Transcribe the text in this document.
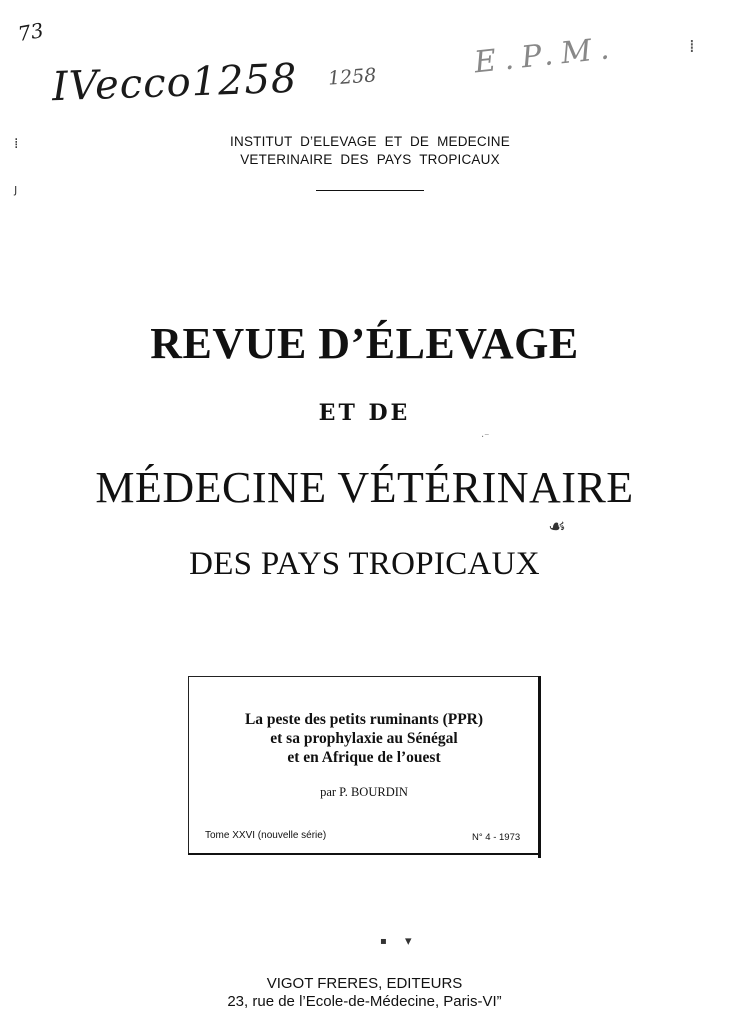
73
IVecco1258 1258	E.P.M.
⁞
ȷ
⁞
·⁻
☙
▪ ▾
INSTITUT D’ELEVAGE ET DE MEDECINE
VETERINAIRE DES PAYS TROPICAUX
REVUE D’ÉLEVAGE
ET DE
MÉDECINE VÉTÉRINAIRE
DES PAYS TROPICAUX
La peste des petits ruminants (PPR)
et sa prophylaxie au Sénégal
et en Afrique de l’ouest
par P. BOURDIN
Tome XXVI (nouvelle série)	N° 4 - 1973
VIGOT FRERES, EDITEURS
23, rue de l’Ecole-de-Médecine, Paris-VI”
